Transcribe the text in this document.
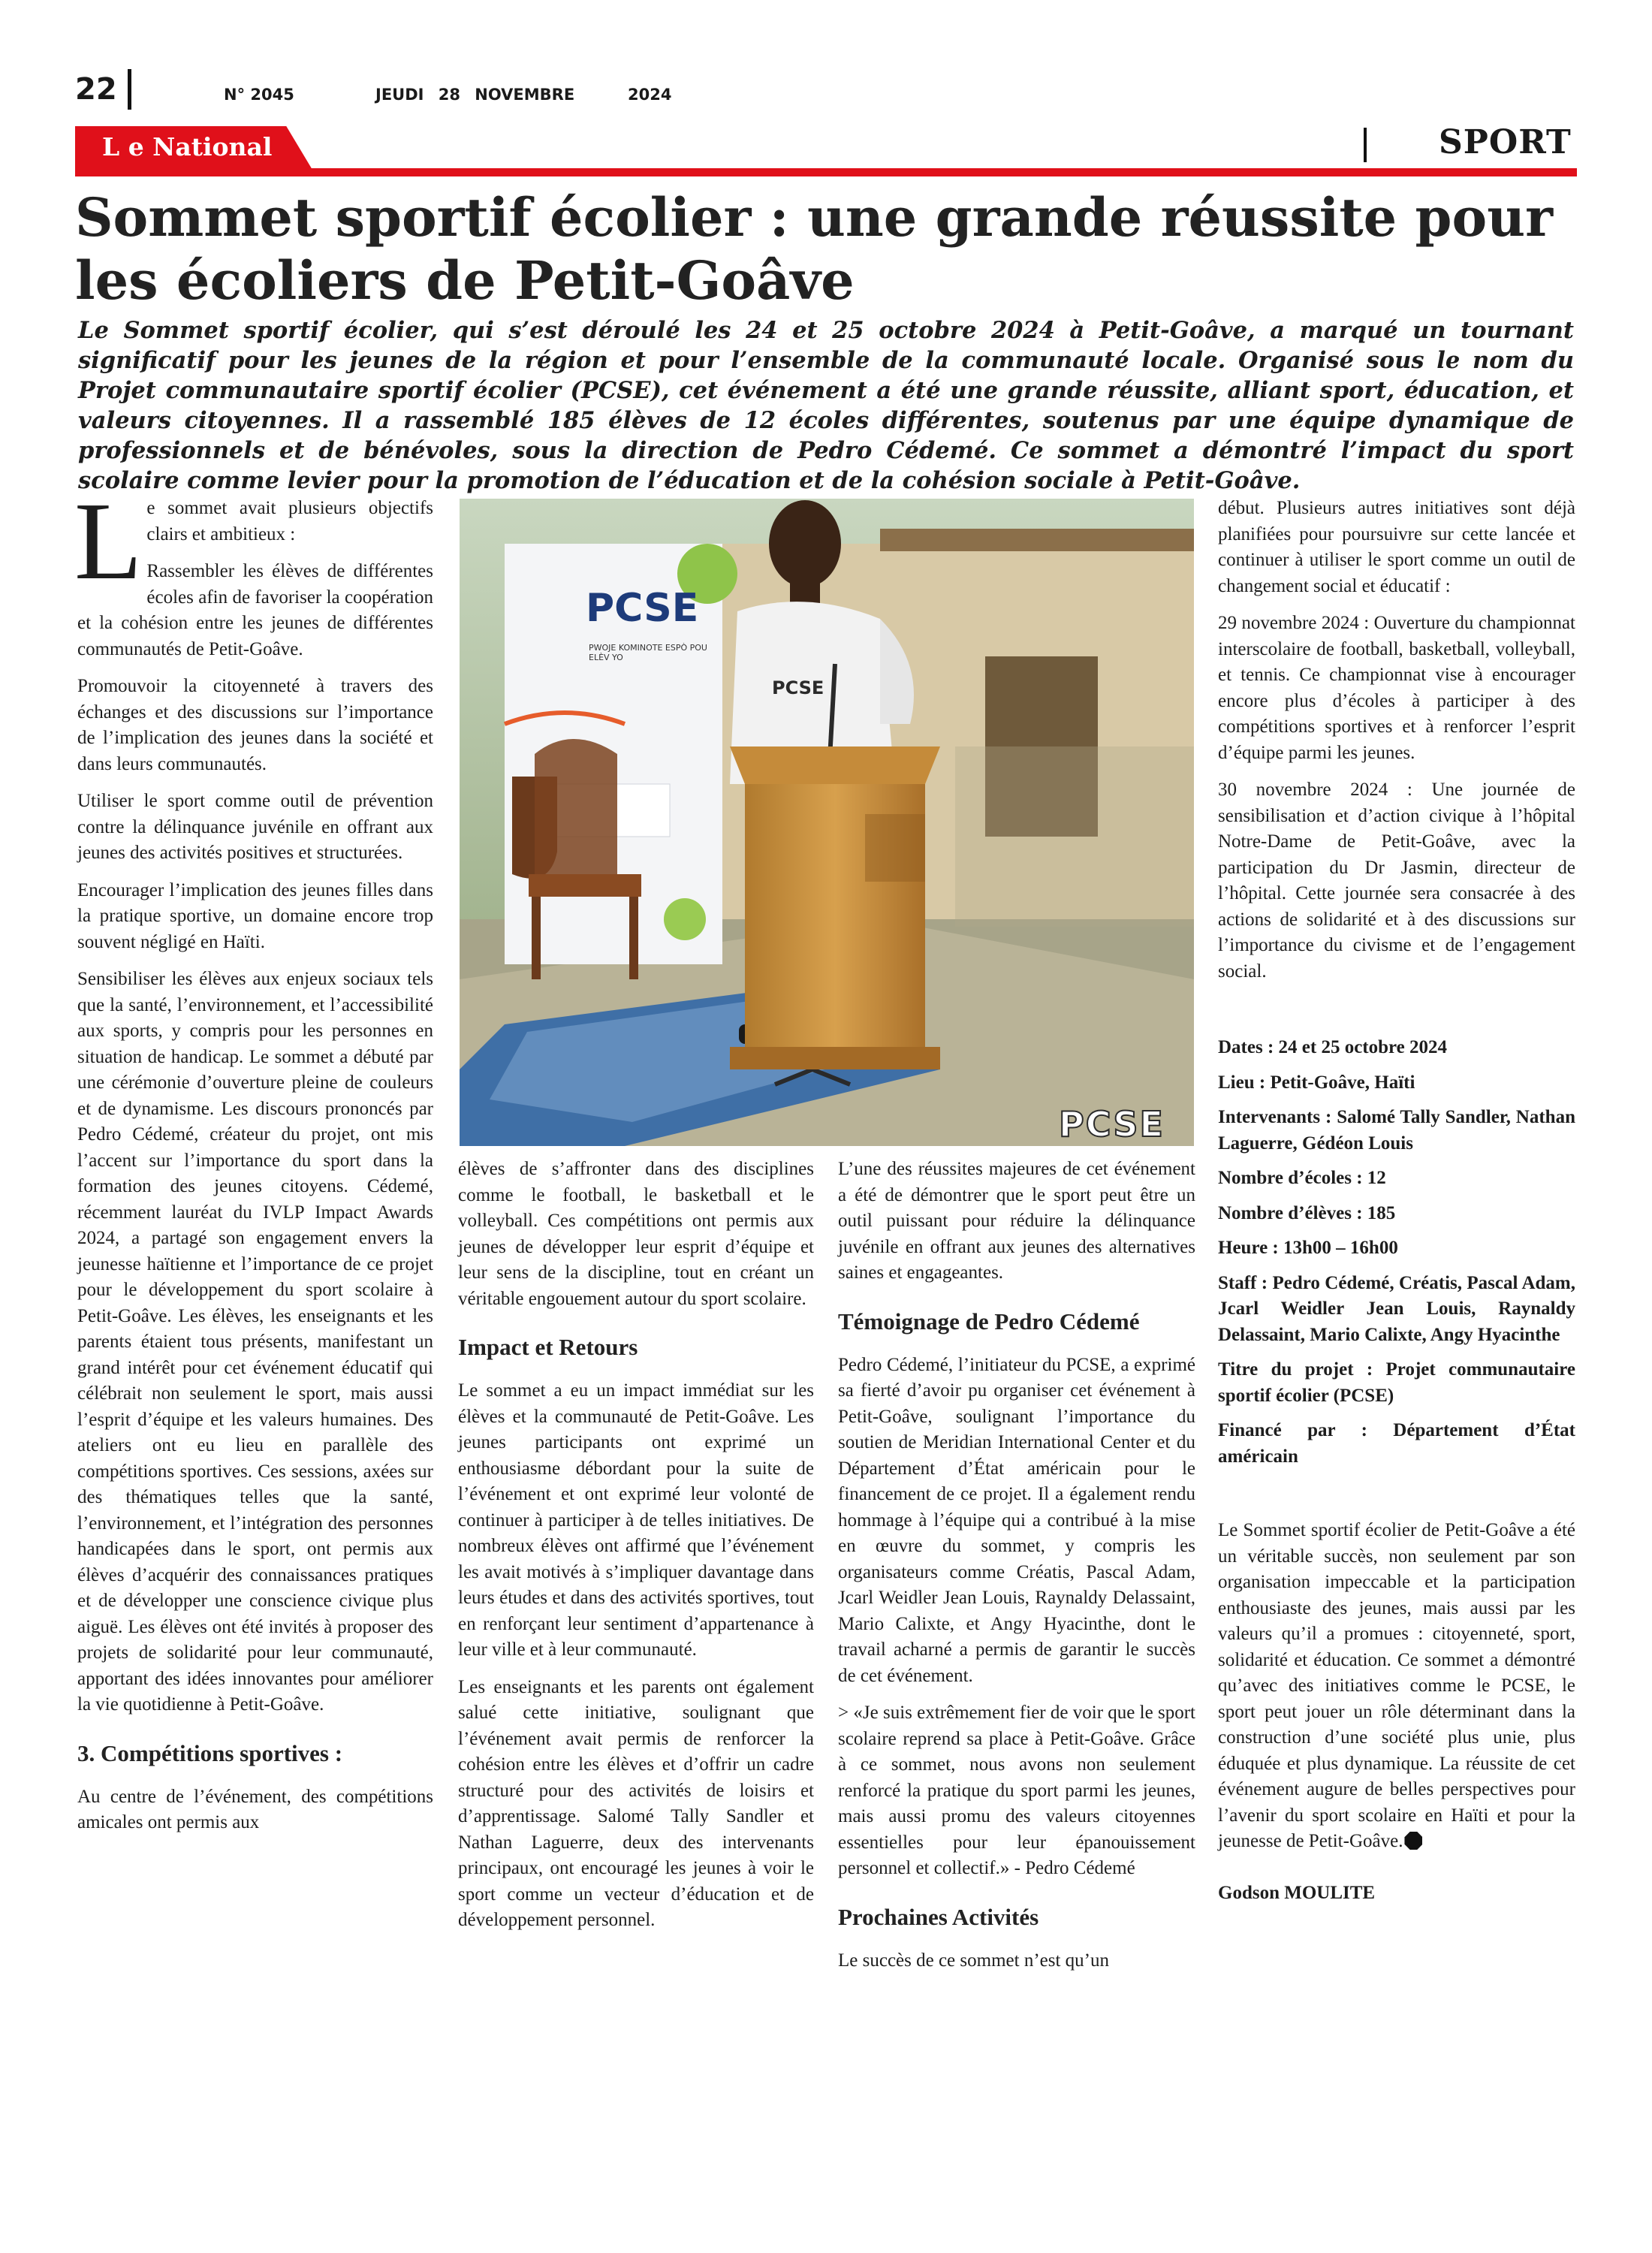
22	N° 2045	JEUDI 28 NOVEMBRE	2024
L e National	SPORT
Sommet sportif écolier : une grande réussite pour les écoliers de Petit-Goâve
Le Sommet sportif écolier, qui s’est déroulé les 24 et 25 octobre 2024 à Petit-Goâve, a marqué un tournant significatif pour les jeunes de la région et pour l’ensemble de la communauté locale. Organisé sous le nom du Projet communautaire sportif écolier (PCSE), cet événement a été une grande réussite, alliant sport, éducation, et valeurs citoyennes. Il a rassemblé 185 élèves de 12 écoles différentes, soutenus par une équipe dynamique de professionnels et de bénévoles, sous la direction de Pedro Cédemé. Ce sommet a démontré l’impact du sport scolaire comme levier pour la promotion de l’éducation et de la cohésion sociale à Petit-Goâve.

Le sommet avait plusieurs objectifs clairs et ambitieux :

Rassembler les élèves de différentes écoles afin de favoriser la coopération et la cohésion entre les jeunes de différentes communautés de Petit-Goâve.

Promouvoir la citoyenneté à travers des échanges et des discussions sur l’importance de l’implication des jeunes dans la société et dans leurs communautés.

Utiliser le sport comme outil de prévention contre la délinquance juvénile en offrant aux jeunes des activités positives et structurées.

Encourager l’implication des jeunes filles dans la pratique sportive, un domaine encore trop souvent négligé en Haïti.

Sensibiliser les élèves aux enjeux sociaux tels que la santé, l’environnement, et l’accessibilité aux sports, y compris pour les personnes en situation de handicap. Le sommet a débuté par une cérémonie d’ouverture pleine de couleurs et de dynamisme. Les discours prononcés par Pedro Cédemé, créateur du projet, ont mis l’accent sur l’importance du sport dans la formation des jeunes citoyens. Cédemé, récemment lauréat du IVLP Impact Awards 2024, a partagé son engagement envers la jeunesse haïtienne et l’importance de ce projet pour le développement du sport scolaire à Petit-Goâve. Les élèves, les enseignants et les parents étaient tous présents, manifestant un grand intérêt pour cet événement éducatif qui célébrait non seulement le sport, mais aussi l’esprit d’équipe et les valeurs humaines. Des ateliers ont eu lieu en parallèle des compétitions sportives. Ces sessions, axées sur des thématiques telles que la santé, l’environnement, et l’intégration des personnes handicapées dans le sport, ont permis aux élèves d’acquérir des connaissances pratiques et de développer une conscience civique plus aiguë. Les élèves ont été invités à proposer des projets de solidarité pour leur communauté, apportant des idées innovantes pour améliorer la vie quotidienne à Petit-Goâve.

3. Compétitions sportives :

Au centre de l’événement, des compétitions amicales ont permis aux

PCSE
PWOJE KOMINOTE ESPÒ POU ELÈV YO
PCSE
PCSE

élèves de s’affronter dans des disciplines comme le football, le basketball et le volleyball. Ces compétitions ont permis aux jeunes de développer leur esprit d’équipe et leur sens de la discipline, tout en créant un véritable engouement autour du sport scolaire.

Impact et Retours

Le sommet a eu un impact immédiat sur les élèves et la communauté de Petit-Goâve. Les jeunes participants ont exprimé un enthousiasme débordant pour la suite de l’événement et ont exprimé leur volonté de continuer à participer à de telles initiatives. De nombreux élèves ont affirmé que l’événement les avait motivés à s’impliquer davantage dans leurs études et dans des activités sportives, tout en renforçant leur sentiment d’appartenance à leur ville et à leur communauté.

Les enseignants et les parents ont également salué cette initiative, soulignant que l’événement avait permis de renforcer la cohésion entre les élèves et d’offrir un cadre structuré pour des activités de loisirs et d’apprentissage. Salomé Tally Sandler et Nathan Laguerre, deux des intervenants principaux, ont encouragé les jeunes à voir le sport comme un vecteur d’éducation et de développement personnel.

L’une des réussites majeures de cet événement a été de démontrer que le sport peut être un outil puissant pour réduire la délinquance juvénile en offrant aux jeunes des alternatives saines et engageantes.

Témoignage de Pedro Cédemé

Pedro Cédemé, l’initiateur du PCSE, a exprimé sa fierté d’avoir pu organiser cet événement à Petit-Goâve, soulignant l’importance du soutien de Meridian International Center et du Département d’État américain pour le financement de ce projet. Il a également rendu hommage à l’équipe qui a contribué à la mise en œuvre du sommet, y compris les organisateurs comme Créatis, Pascal Adam, Jcarl Weidler Jean Louis, Raynaldy Delassaint, Mario Calixte, et Angy Hyacinthe, dont le travail acharné a permis de garantir le succès de cet événement.

> «Je suis extrêmement fier de voir que le sport scolaire reprend sa place à Petit-Goâve. Grâce à ce sommet, nous avons non seulement renforcé la pratique du sport parmi les jeunes, mais aussi promu des valeurs citoyennes essentielles pour leur épanouissement personnel et collectif.» - Pedro Cédemé

Prochaines Activités

Le succès de ce sommet n’est qu’un

début. Plusieurs autres initiatives sont déjà planifiées pour poursuivre sur cette lancée et continuer à utiliser le sport comme un outil de changement social et éducatif :

29 novembre 2024 : Ouverture du championnat interscolaire de football, basketball, volleyball, et tennis. Ce championnat vise à encourager encore plus d’écoles à participer à des compétitions sportives et à renforcer l’esprit d’équipe parmi les jeunes.

30 novembre 2024 : Une journée de sensibilisation et d’action civique à l’hôpital Notre-Dame de Petit-Goâve, avec la participation du Dr Jasmin, directeur de l’hôpital. Cette journée sera consacrée à des actions de solidarité et à des discussions sur l’importance du civisme et de l’engagement social.

Dates : 24 et 25 octobre 2024

Lieu : Petit-Goâve, Haïti

Intervenants : Salomé Tally Sandler, Nathan Laguerre, Gédéon Louis

Nombre d’écoles : 12

Nombre d’élèves : 185

Heure : 13h00 – 16h00

Staff : Pedro Cédemé, Créatis, Pascal Adam, Jcarl Weidler Jean Louis, Raynaldy Delassaint, Mario Calixte, Angy Hyacinthe

Titre du projet : Projet communautaire sportif écolier (PCSE)

Financé par : Département d’État américain

Le Sommet sportif écolier de Petit-Goâve a été un véritable succès, non seulement par son organisation impeccable et la participation enthousiaste des jeunes, mais aussi par les valeurs qu’il a promues : citoyenneté, sport, solidarité et éducation. Ce sommet a démontré qu’avec des initiatives comme le PCSE, le sport peut jouer un rôle déterminant dans la construction d’une société plus unie, plus éduquée et plus dynamique. La réussite de cet événement augure de belles perspectives pour l’avenir du sport scolaire en Haïti et pour la jeunesse de Petit-Goâve.

Godson MOULITE
